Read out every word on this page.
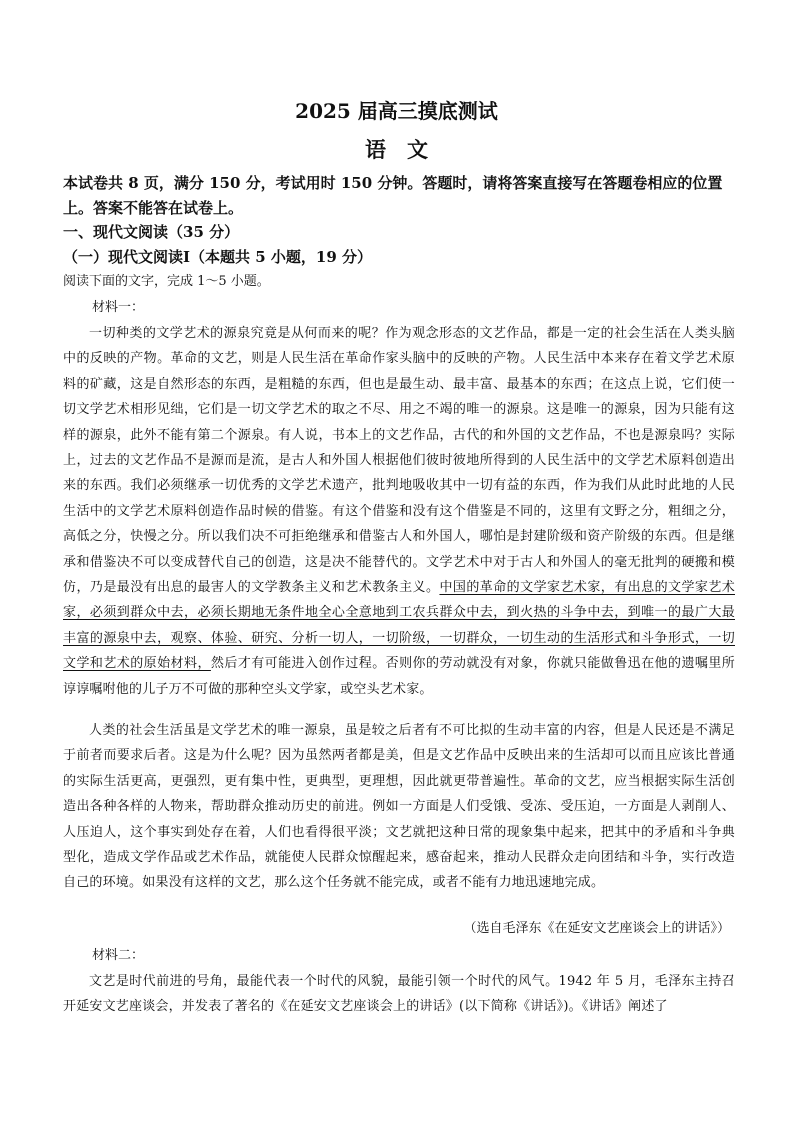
2025 届高三摸底测试
语　文
本试卷共 8 页，满分 150 分，考试用时 150 分钟。答题时，请将答案直接写在答题卷相应的位置上。答案不能答在试卷上。
一、现代文阅读（35 分）
（一）现代文阅读Ⅰ（本题共 5 小题，19 分）
阅读下面的文字，完成 1～5 小题。
材料一：

一切种类的文学艺术的源泉究竟是从何而来的呢？作为观念形态的文艺作品，都是一定的社会生活在人类头脑中的反映的产物。革命的文艺，则是人民生活在革命作家头脑中的反映的产物。人民生活中本来存在着文学艺术原料的矿藏，这是自然形态的东西，是粗糙的东西，但也是最生动、最丰富、最基本的东西；在这点上说，它们使一切文学艺术相形见绌，它们是一切文学艺术的取之不尽、用之不竭的唯一的源泉。这是唯一的源泉，因为只能有这样的源泉，此外不能有第二个源泉。有人说，书本上的文艺作品，古代的和外国的文艺作品，不也是源泉吗？实际上，过去的文艺作品不是源而是流，是古人和外国人根据他们彼时彼地所得到的人民生活中的文学艺术原料创造出来的东西。我们必须继承一切优秀的文学艺术遗产，批判地吸收其中一切有益的东西，作为我们从此时此地的人民生活中的文学艺术原料创造作品时候的借鉴。有这个借鉴和没有这个借鉴是不同的，这里有文野之分，粗细之分，高低之分，快慢之分。所以我们决不可拒绝继承和借鉴古人和外国人，哪怕是封建阶级和资产阶级的东西。但是继承和借鉴决不可以变成替代自己的创造，这是决不能替代的。文学艺术中对于古人和外国人的毫无批判的硬搬和模仿，乃是最没有出息的最害人的文学教条主义和艺术教条主义。中国的革命的文学家艺术家，有出息的文学家艺术家，必须到群众中去，必须长期地无条件地全心全意地到工农兵群众中去，到火热的斗争中去，到唯一的最广大最丰富的源泉中去，观察、体验、研究、分析一切人，一切阶级，一切群众，一切生动的生活形式和斗争形式，一切文学和艺术的原始材料，然后才有可能进入创作过程。否则你的劳动就没有对象，你就只能做鲁迅在他的遗嘱里所谆谆嘱咐他的儿子万不可做的那种空头文学家，或空头艺术家。

人类的社会生活虽是文学艺术的唯一源泉，虽是较之后者有不可比拟的生动丰富的内容，但是人民还是不满足于前者而要求后者。这是为什么呢？因为虽然两者都是美，但是文艺作品中反映出来的生活却可以而且应该比普通的实际生活更高，更强烈，更有集中性，更典型，更理想，因此就更带普遍性。革命的文艺，应当根据实际生活创造出各种各样的人物来，帮助群众推动历史的前进。例如一方面是人们受饿、受冻、受压迫，一方面是人剥削人、人压迫人，这个事实到处存在着，人们也看得很平淡；文艺就把这种日常的现象集中起来，把其中的矛盾和斗争典型化，造成文学作品或艺术作品，就能使人民群众惊醒起来，感奋起来，推动人民群众走向团结和斗争，实行改造自己的环境。如果没有这样的文艺，那么这个任务就不能完成，或者不能有力地迅速地完成。

（选自毛泽东《在延安文艺座谈会上的讲话》）
材料二：

文艺是时代前进的号角，最能代表一个时代的风貌，最能引领一个时代的风气。1942 年 5 月，毛泽东主持召开延安文艺座谈会，并发表了著名的《在延安文艺座谈会上的讲话》(以下简称《讲话》)。《讲话》阐述了
